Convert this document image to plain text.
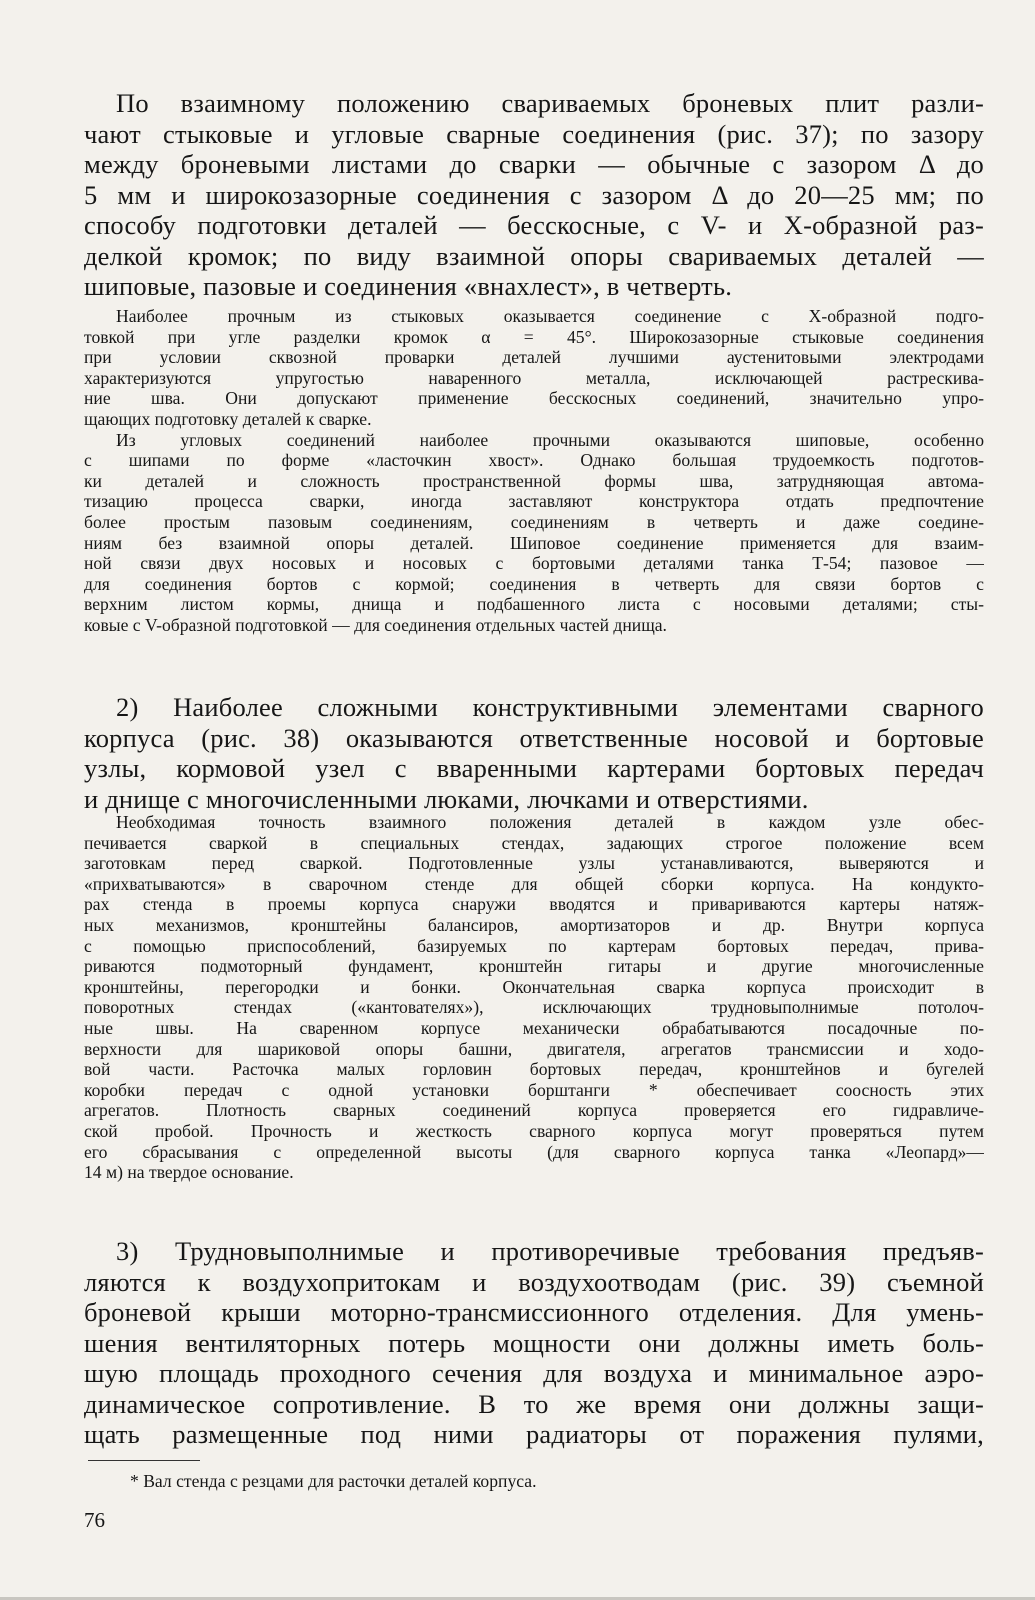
По взаимному положению свариваемых броневых плит разли-
чают стыковые и угловые сварные соединения (рис. 37); по зазору
между броневыми листами до сварки — обычные с зазором Δ до
5 мм и широкозазорные соединения с зазором Δ до 20—25 мм; по
способу подготовки деталей — бесскосные, с V- и X-образной раз-
делкой кромок; по виду взаимной опоры свариваемых деталей —
шиповые, пазовые и соединения «внахлест», в четверть.
Наиболее прочным из стыковых оказывается соединение с X-образной подго-
товкой при угле разделки кромок α = 45°. Широкозазорные стыковые соединения
при условии сквозной проварки деталей лучшими аустенитовыми электродами
характеризуются упругостью наваренного металла, исключающей растрескива-
ние шва. Они допускают применение бесскосных соединений, значительно упро-
щающих подготовку деталей к сварке.
Из угловых соединений наиболее прочными оказываются шиповые, особенно
с шипами по форме «ласточкин хвост». Однако большая трудоемкость подготов-
ки деталей и сложность пространственной формы шва, затрудняющая автома-
тизацию процесса сварки, иногда заставляют конструктора отдать предпочтение
более простым пазовым соединениям, соединениям в четверть и даже соедине-
ниям без взаимной опоры деталей. Шиповое соединение применяется для взаим-
ной связи двух носовых и носовых с бортовыми деталями танка Т-54; пазовое —
для соединения бортов с кормой; соединения в четверть для связи бортов с
верхним листом кормы, днища и подбашенного листа с носовыми деталями; сты-
ковые с V-образной подготовкой — для соединения отдельных частей днища.
2) Наиболее сложными конструктивными элементами сварного
корпуса (рис. 38) оказываются ответственные носовой и бортовые
узлы, кормовой узел с вваренными картерами бортовых передач
и днище с многочисленными люками, лючками и отверстиями.
Необходимая точность взаимного положения деталей в каждом узле обес-
печивается сваркой в специальных стендах, задающих строгое положение всем
заготовкам перед сваркой. Подготовленные узлы устанавливаются, выверяются и
«прихватываются» в сварочном стенде для общей сборки корпуса. На кондукто-
рах стенда в проемы корпуса снаружи вводятся и привариваются картеры натяж-
ных механизмов, кронштейны балансиров, амортизаторов и др. Внутри корпуса
с помощью приспособлений, базируемых по картерам бортовых передач, прива-
риваются подмоторный фундамент, кронштейн гитары и другие многочисленные
кронштейны, перегородки и бонки. Окончательная сварка корпуса происходит в
поворотных стендах («кантователях»), исключающих трудновыполнимые потолоч-
ные швы. На сваренном корпусе механически обрабатываются посадочные по-
верхности для шариковой опоры башни, двигателя, агрегатов трансмиссии и ходо-
вой части. Расточка малых горловин бортовых передач, кронштейнов и бугелей
коробки передач с одной установки борштанги * обеспечивает соосность этих
агрегатов. Плотность сварных соединений корпуса проверяется его гидравличе-
ской пробой. Прочность и жесткость сварного корпуса могут проверяться путем
его сбрасывания с определенной высоты (для сварного корпуса танка «Леопард»—
14 м) на твердое основание.
3) Трудновыполнимые и противоречивые требования предъяв-
ляются к воздухопритокам и воздухоотводам (рис. 39) съемной
броневой крыши моторно-трансмиссионного отделения. Для умень-
шения вентиляторных потерь мощности они должны иметь боль-
шую площадь проходного сечения для воздуха и минимальное аэро-
динамическое сопротивление. В то же время они должны защи-
щать размещенные под ними радиаторы от поражения пулями,
* Вал стенда с резцами для расточки деталей корпуса.
76
